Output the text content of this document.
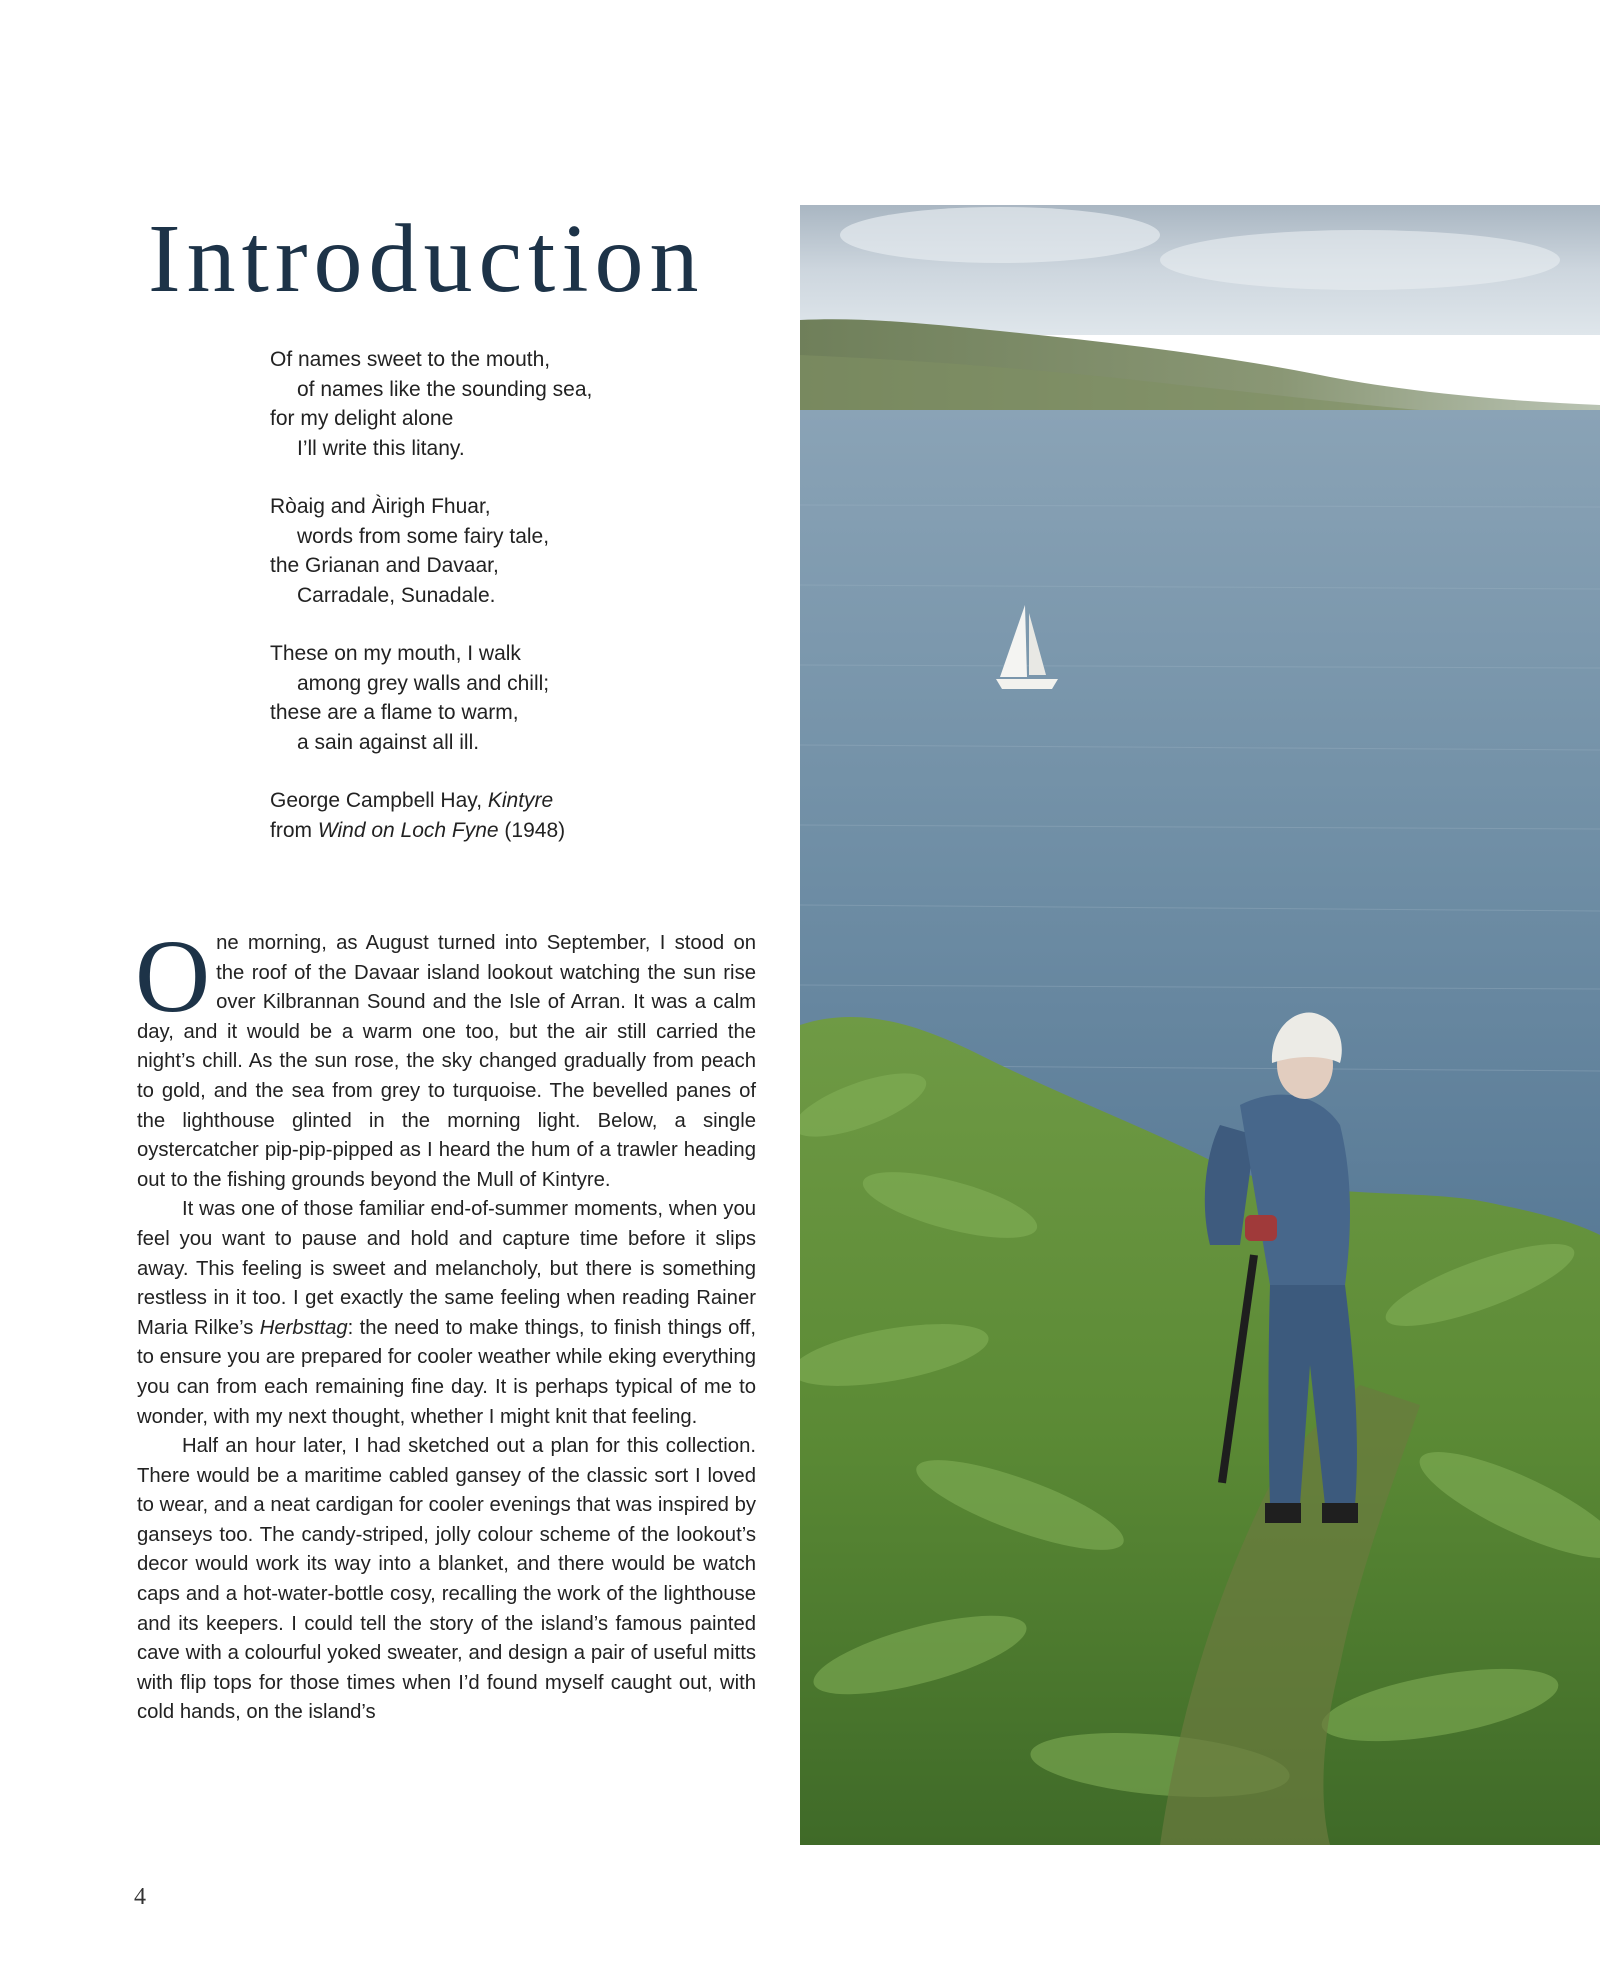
Introduction

Of names sweet to the mouth,

of names like the sounding sea,

for my delight alone

I’ll write this litany.

Ròaig and Àirigh Fhuar,

words from some fairy tale,

the Grianan and Davaar,

Carradale, Sunadale.

These on my mouth, I walk

among grey walls and chill;

these are a flame to warm,

a sain against all ill.

George Campbell Hay, Kintyre

from Wind on Loch Fyne (1948)

One morning, as August turned into September, I stood on the roof of the Davaar island lookout watching the sun rise over Kilbrannan Sound and the Isle of Arran. It was a calm day, and it would be a warm one too, but the air still carried the night’s chill. As the sun rose, the sky changed gradually from peach to gold, and the sea from grey to turquoise. The bevelled panes of the lighthouse glinted in the morning light. Below, a single oystercatcher pip-pip-pipped as I heard the hum of a trawler heading out to the fishing grounds beyond the Mull of Kintyre.

It was one of those familiar end-of-summer moments, when you feel you want to pause and hold and capture time before it slips away. This feeling is sweet and melancholy, but there is something restless in it too. I get exactly the same feeling when reading Rainer Maria Rilke’s Herbsttag: the need to make things, to finish things off, to ensure you are prepared for cooler weather while eking everything you can from each remaining fine day. It is perhaps typical of me to wonder, with my next thought, whether I might knit that feeling.

Half an hour later, I had sketched out a plan for this collection. There would be a maritime cabled gansey of the classic sort I loved to wear, and a neat cardigan for cooler evenings that was inspired by ganseys too. The candy-striped, jolly colour scheme of the lookout’s decor would work its way into a blanket, and there would be watch caps and a hot-water-bottle cosy, recalling the work of the lighthouse and its keepers. I could tell the story of the island’s famous painted cave with a colourful yoked sweater, and design a pair of useful mitts with flip tops for those times when I’d found myself caught out, with cold hands, on the island’s

4
